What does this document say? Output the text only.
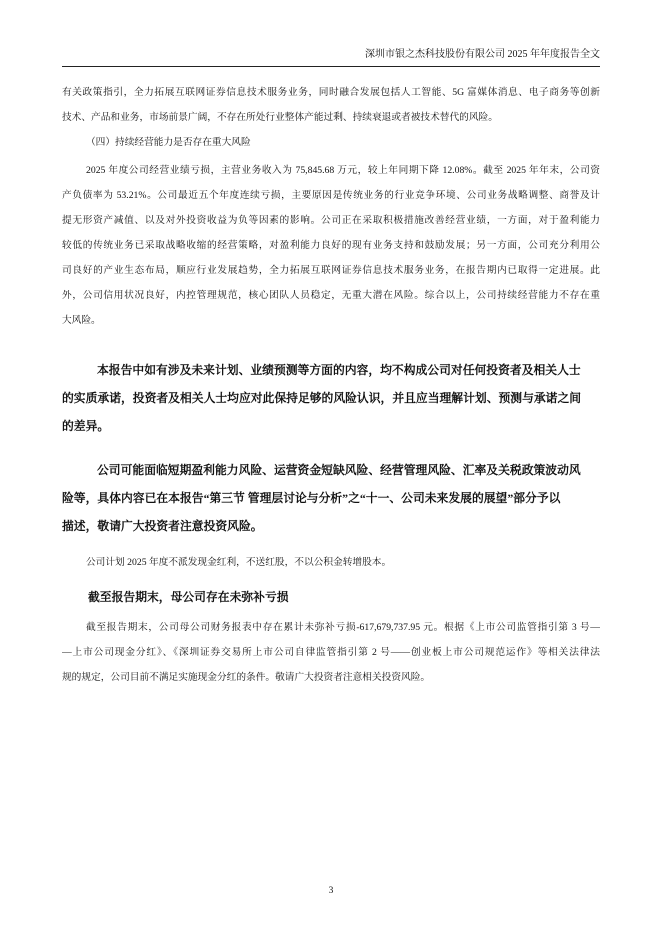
深圳市银之杰科技股份有限公司 2025 年年度报告全文
有关政策指引，全力拓展互联网证券信息技术服务业务，同时融合发展包括人工智能、5G 富媒体消息、电子商务等创新
技术、产品和业务，市场前景广阔，不存在所处行业整体产能过剩、持续衰退或者被技术替代的风险。
（四）持续经营能力是否存在重大风险
2025 年度公司经营业绩亏损，主营业务收入为 75,845.68 万元，较上年同期下降 12.08%。截至 2025 年年末，公司资
产负债率为 53.21%。公司最近五个年度连续亏损，主要原因是传统业务的行业竞争环境、公司业务战略调整、商誉及计
提无形资产减值、以及对外投资收益为负等因素的影响。公司正在采取积极措施改善经营业绩，一方面，对于盈利能力
较低的传统业务已采取战略收缩的经营策略，对盈利能力良好的现有业务支持和鼓励发展；另一方面，公司充分利用公
司良好的产业生态布局，顺应行业发展趋势，全力拓展互联网证券信息技术服务业务，在报告期内已取得一定进展。此
外，公司信用状况良好，内控管理规范，核心团队人员稳定，无重大潜在风险。综合以上，公司持续经营能力不存在重
大风险。
本报告中如有涉及未来计划、业绩预测等方面的内容，均不构成公司对任何投资者及相关人士
的实质承诺，投资者及相关人士均应对此保持足够的风险认识，并且应当理解计划、预测与承诺之间
的差异。
公司可能面临短期盈利能力风险、运营资金短缺风险、经营管理风险、汇率及关税政策波动风
险等，具体内容已在本报告“第三节 管理层讨论与分析”之“十一、公司未来发展的展望”部分予以
描述，敬请广大投资者注意投资风险。
公司计划 2025 年度不派发现金红利，不送红股，不以公积金转增股本。
截至报告期末，母公司存在未弥补亏损
截至报告期末，公司母公司财务报表中存在累计未弥补亏损-617,679,737.95 元。根据《上市公司监管指引第 3 号—
—上市公司现金分红》、《深圳证券交易所上市公司自律监管指引第 2 号——创业板上市公司规范运作》等相关法律法
规的规定，公司目前不满足实施现金分红的条件。敬请广大投资者注意相关投资风险。
3
